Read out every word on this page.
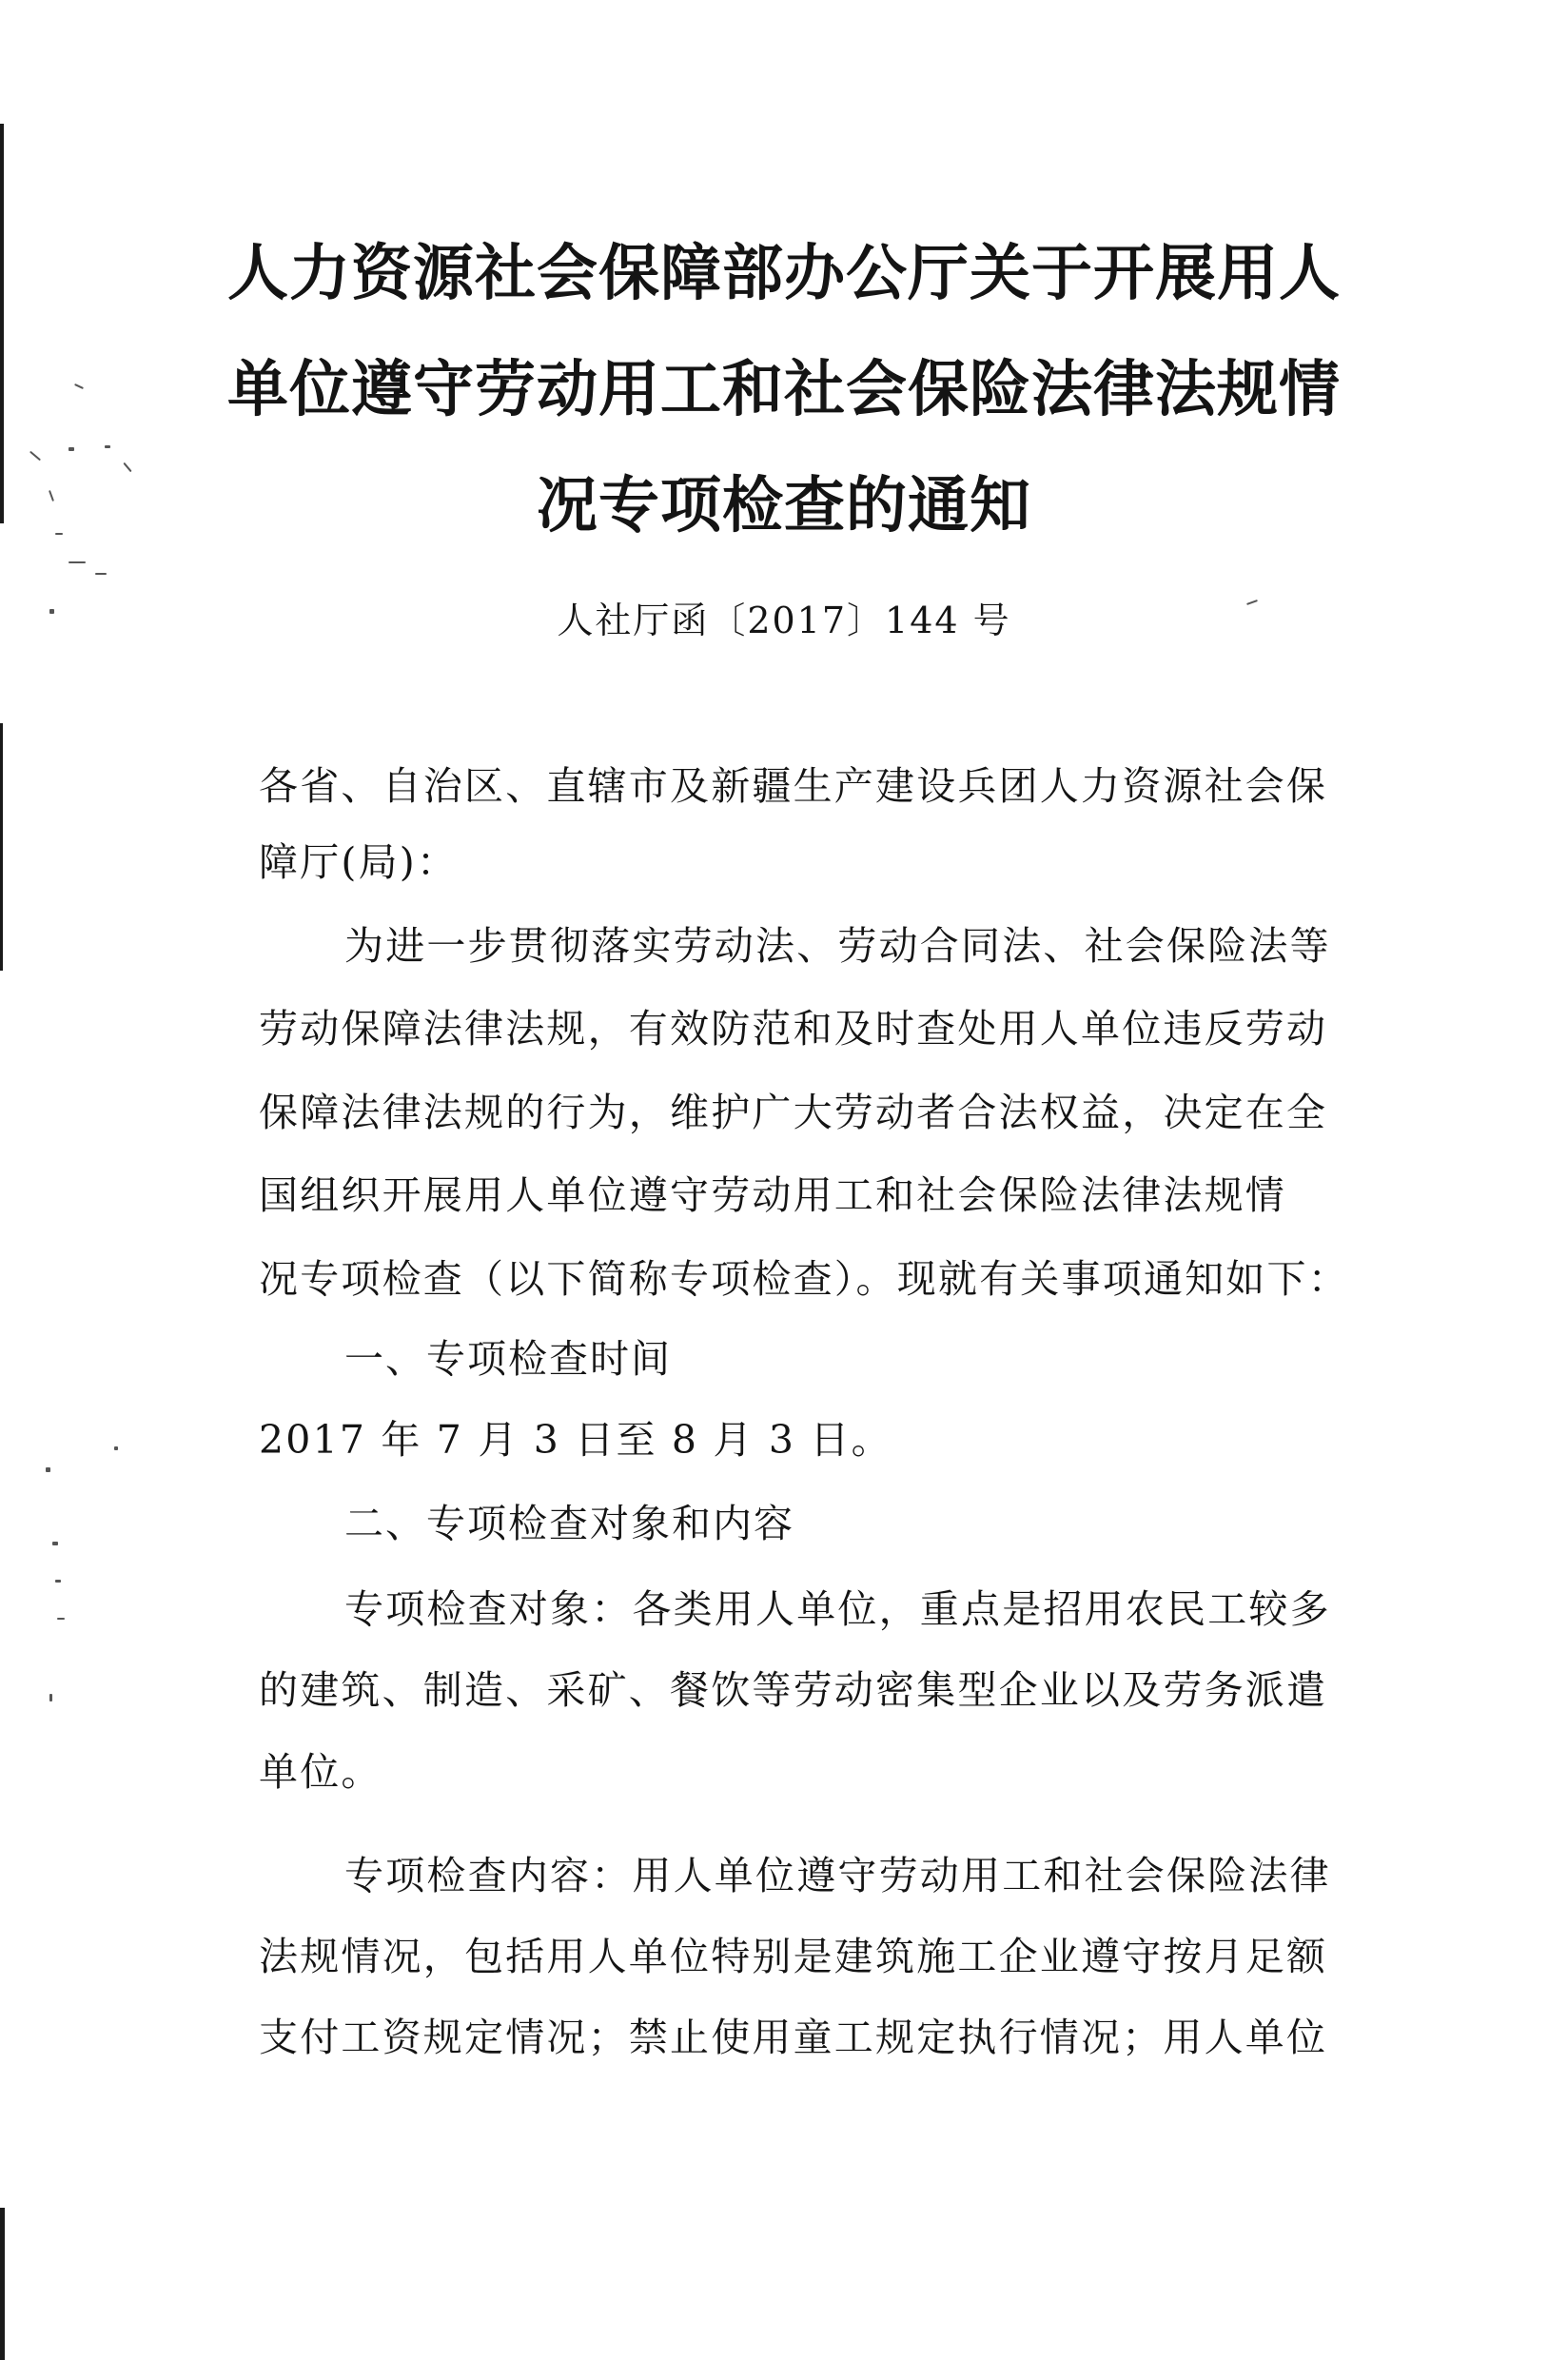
人力资源社会保障部办公厅关于开展用人
单位遵守劳动用工和社会保险法律法规情
况专项检查的通知
人社厅函〔2017〕144 号
各省、自治区、直辖市及新疆生产建设兵团人力资源社会保
障厅(局)：
为进一步贯彻落实劳动法、劳动合同法、社会保险法等
劳动保障法律法规，有效防范和及时查处用人单位违反劳动
保障法律法规的行为，维护广大劳动者合法权益，决定在全
国组织开展用人单位遵守劳动用工和社会保险法律法规情
况专项检查（以下简称专项检查）。现就有关事项通知如下：
一、专项检查时间
2017 年 7 月 3 日至 8 月 3 日。
二、专项检查对象和内容
专项检查对象：各类用人单位，重点是招用农民工较多
的建筑、制造、采矿、餐饮等劳动密集型企业以及劳务派遣
单位。
专项检查内容：用人单位遵守劳动用工和社会保险法律
法规情况，包括用人单位特别是建筑施工企业遵守按月足额
支付工资规定情况；禁止使用童工规定执行情况；用人单位
